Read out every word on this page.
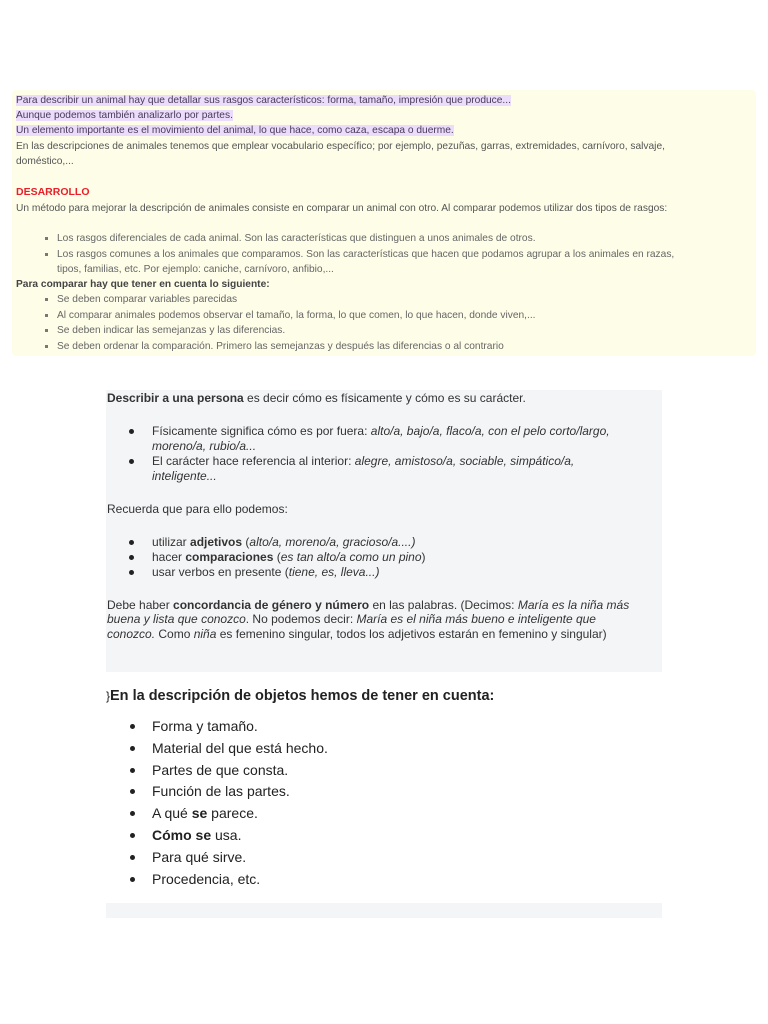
Para describir un animal hay que detallar sus rasgos característicos: forma, tamaño, impresión que produce...
Aunque podemos también analizarlo por partes.
Un elemento importante es el movimiento del animal, lo que hace, como caza, escapa o duerme.
En las descripciones de animales tenemos que emplear vocabulario específico; por ejemplo, pezuñas, garras, extremidades, carnívoro, salvaje,
doméstico,...
DESARROLLO
Un método para mejorar la descripción de animales consiste en comparar un animal con otro. Al comparar podemos utilizar dos tipos de rasgos:
Los rasgos diferenciales de cada animal. Son las características que distinguen a unos animales de otros.
Los rasgos comunes a los animales que comparamos. Son las características que hacen que podamos agrupar a los animales en razas,
tipos, familias, etc. Por ejemplo: caniche, carnívoro, anfibio,...
Para comparar hay que tener en cuenta lo siguiente:
Se deben comparar variables parecidas
Al comparar animales podemos observar el tamaño, la forma, lo que comen, lo que hacen, donde viven,...
Se deben indicar las semejanzas y las diferencias.
Se deben ordenar la comparación. Primero las semejanzas y después las diferencias o al contrario
Describir a una persona es decir cómo es físicamente y cómo es su carácter.
Físicamente significa cómo es por fuera: alto/a, bajo/a, flaco/a, con el pelo corto/largo,
moreno/a, rubio/a...
El carácter hace referencia al interior: alegre, amistoso/a, sociable, simpático/a,
inteligente...
Recuerda que para ello podemos:
utilizar adjetivos (alto/a, moreno/a, gracioso/a....)
hacer comparaciones (es tan alto/a como un pino)
usar verbos en presente (tiene, es, lleva...)
Debe haber concordancia de género y número en las palabras. (Decimos: María es la niña más
buena y lista que conozco. No podemos decir: María es el niña más bueno e inteligente que
conozco. Como niña es femenino singular, todos los adjetivos estarán en femenino y singular)
}En la descripción de objetos hemos de tener en cuenta:
Forma y tamaño.
Material del que está hecho.
Partes de que consta.
Función de las partes.
A qué se parece.
Cómo se usa.
Para qué sirve.
Procedencia, etc.
